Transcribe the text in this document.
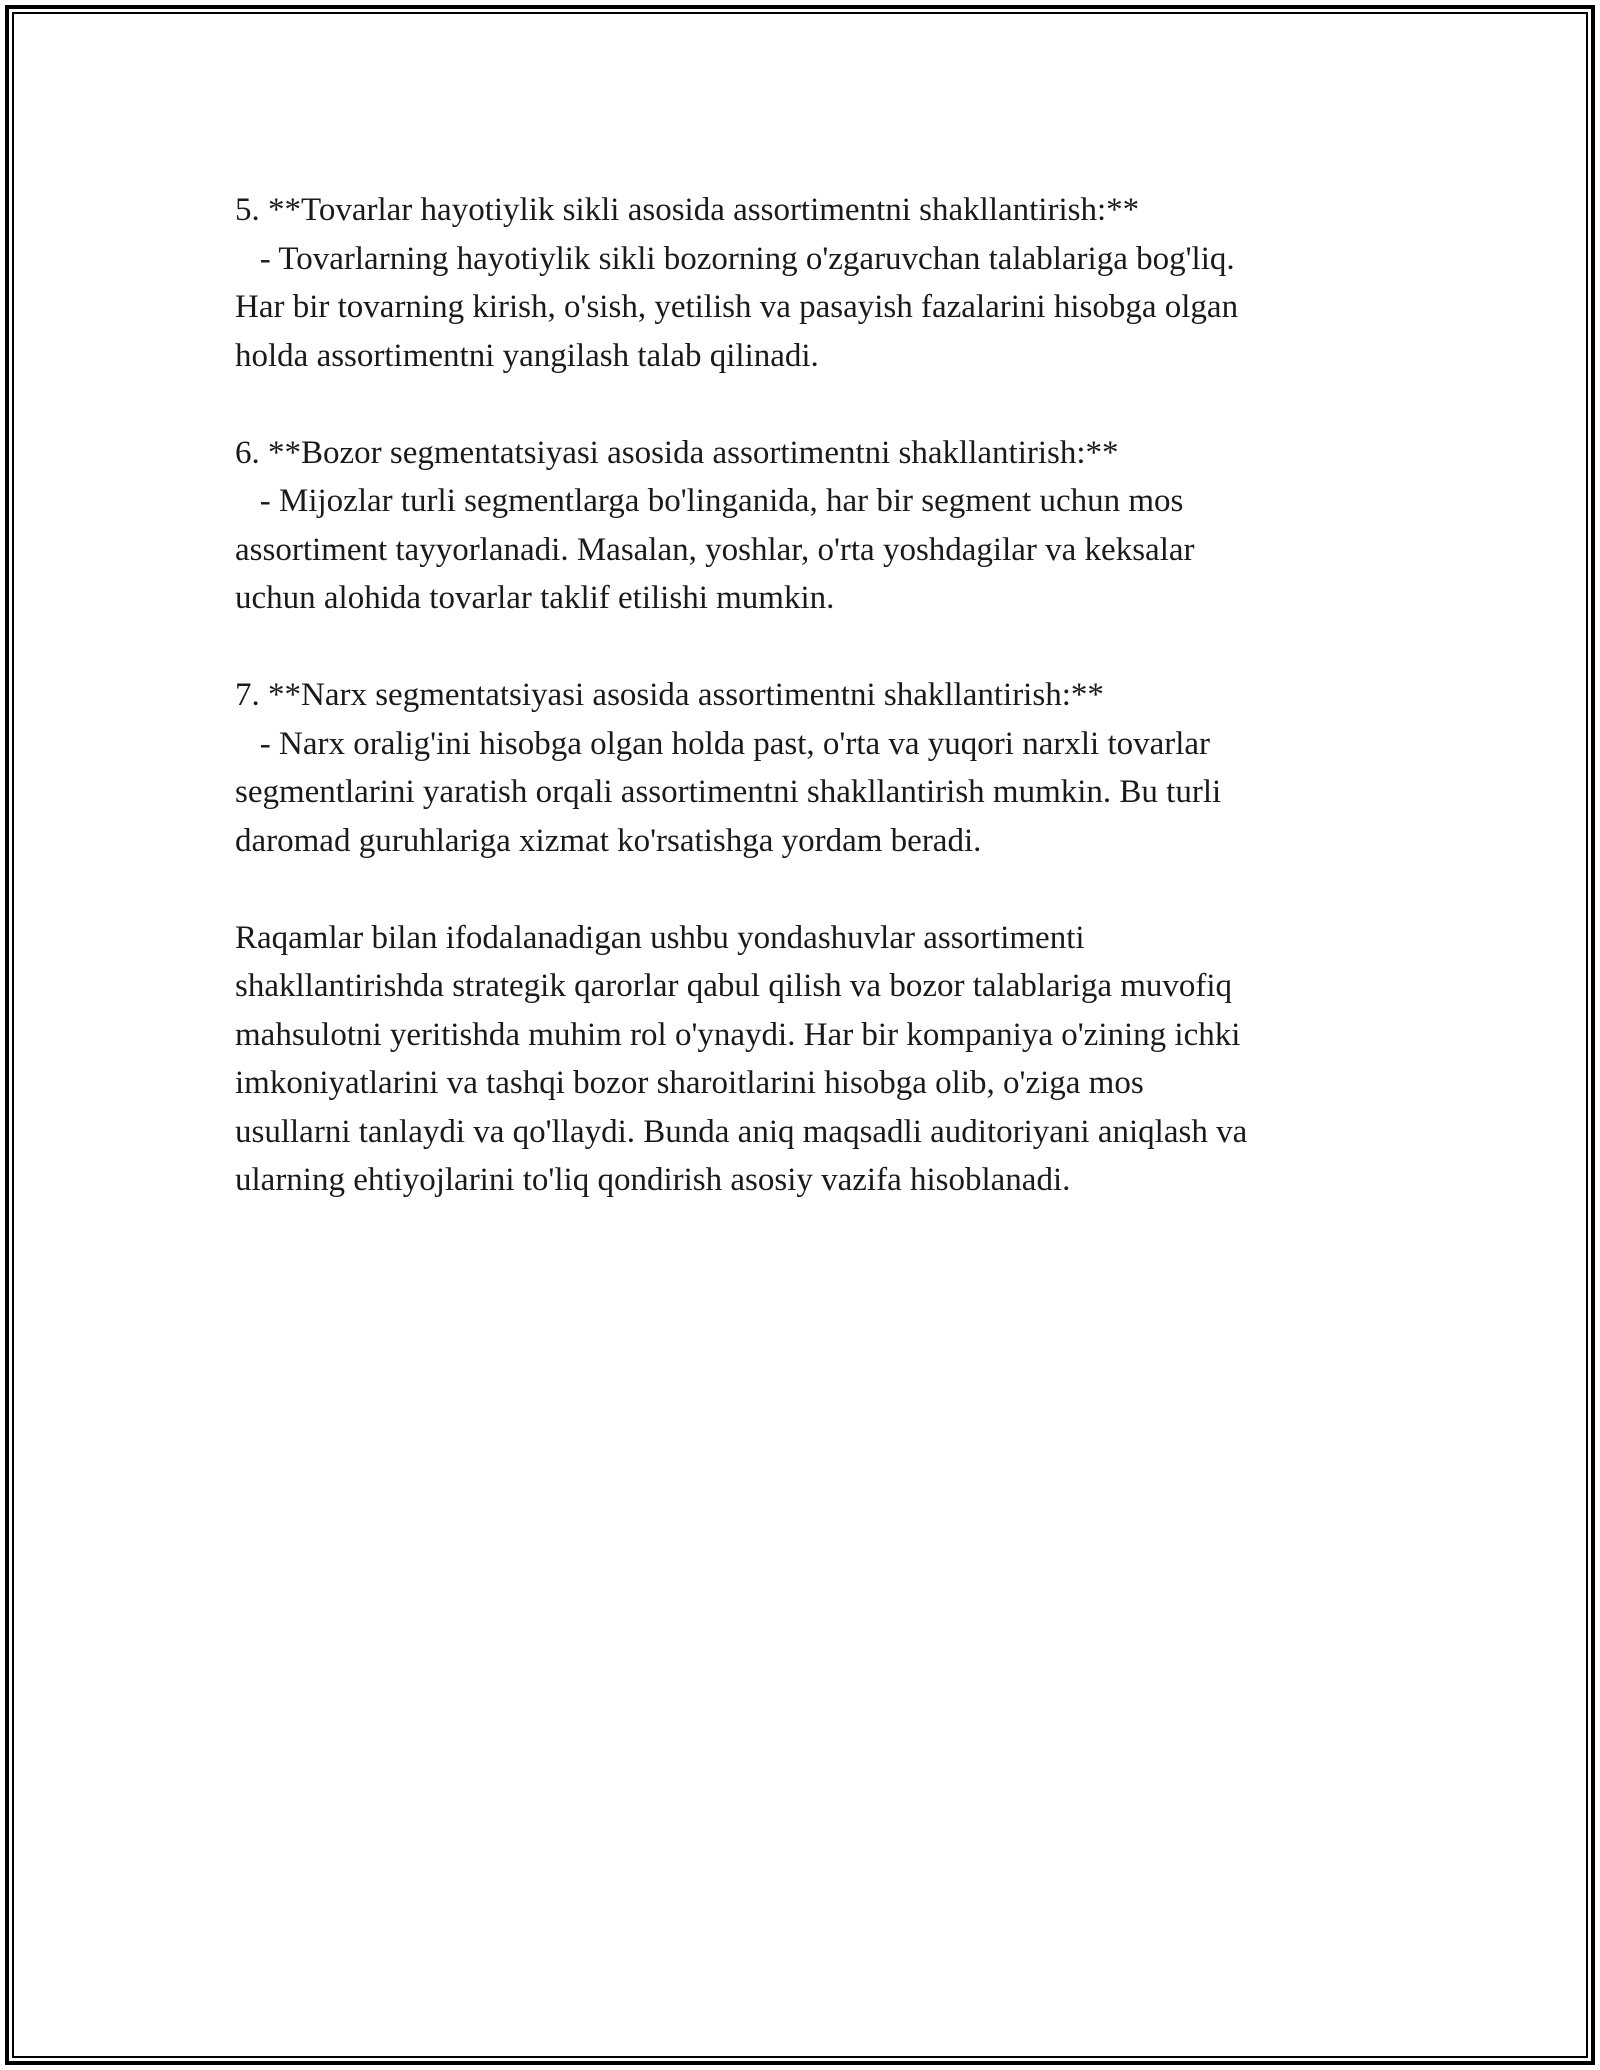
5. **Tovarlar hayotiylik sikli asosida assortimentni shakllantirish:**
- Tovarlarning hayotiylik sikli bozorning o'zgaruvchan talablariga bog'liq.
Har bir tovarning kirish, o'sish, yetilish va pasayish fazalarini hisobga olgan
holda assortimentni yangilash talab qilinadi.
6. **Bozor segmentatsiyasi asosida assortimentni shakllantirish:**
- Mijozlar turli segmentlarga bo'linganida, har bir segment uchun mos
assortiment tayyorlanadi. Masalan, yoshlar, o'rta yoshdagilar va keksalar
uchun alohida tovarlar taklif etilishi mumkin.
7. **Narx segmentatsiyasi asosida assortimentni shakllantirish:**
- Narx oralig'ini hisobga olgan holda past, o'rta va yuqori narxli tovarlar
segmentlarini yaratish orqali assortimentni shakllantirish mumkin. Bu turli
daromad guruhlariga xizmat ko'rsatishga yordam beradi.
Raqamlar bilan ifodalanadigan ushbu yondashuvlar assortimenti
shakllantirishda strategik qarorlar qabul qilish va bozor talablariga muvofiq
mahsulotni yeritishda muhim rol o'ynaydi. Har bir kompaniya o'zining ichki
imkoniyatlarini va tashqi bozor sharoitlarini hisobga olib, o'ziga mos
usullarni tanlaydi va qo'llaydi. Bunda aniq maqsadli auditoriyani aniqlash va
ularning ehtiyojlarini to'liq qondirish asosiy vazifa hisoblanadi.
